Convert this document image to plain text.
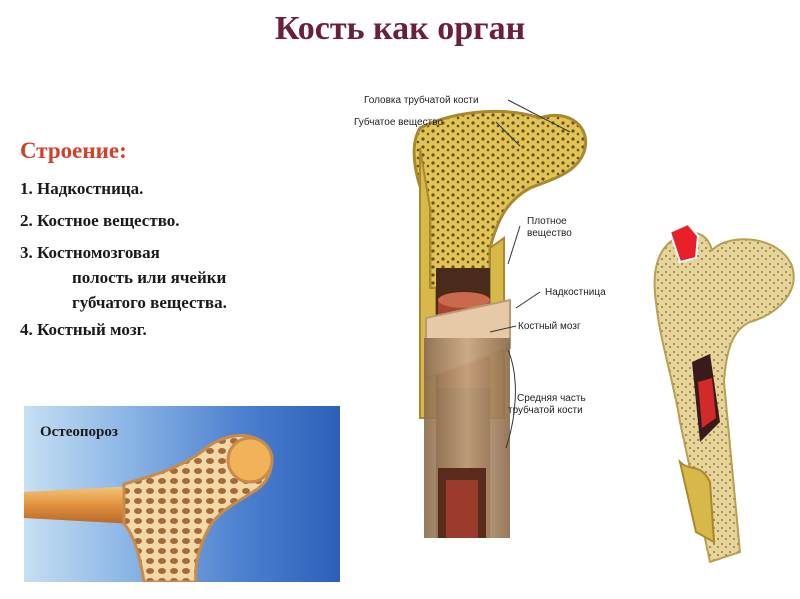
Кость как орган
Строение:
1. Надкостница.
2. Костное вещество.
3. Костномозговая
полость или ячейки
губчатого вещества.
4. Костный мозг.
Остеопороз
Головка трубчатой кости
Губчатое вещество
Плотное
вещество
Надкостница
Костный мозг
Средняя часть
трубчатой кости
